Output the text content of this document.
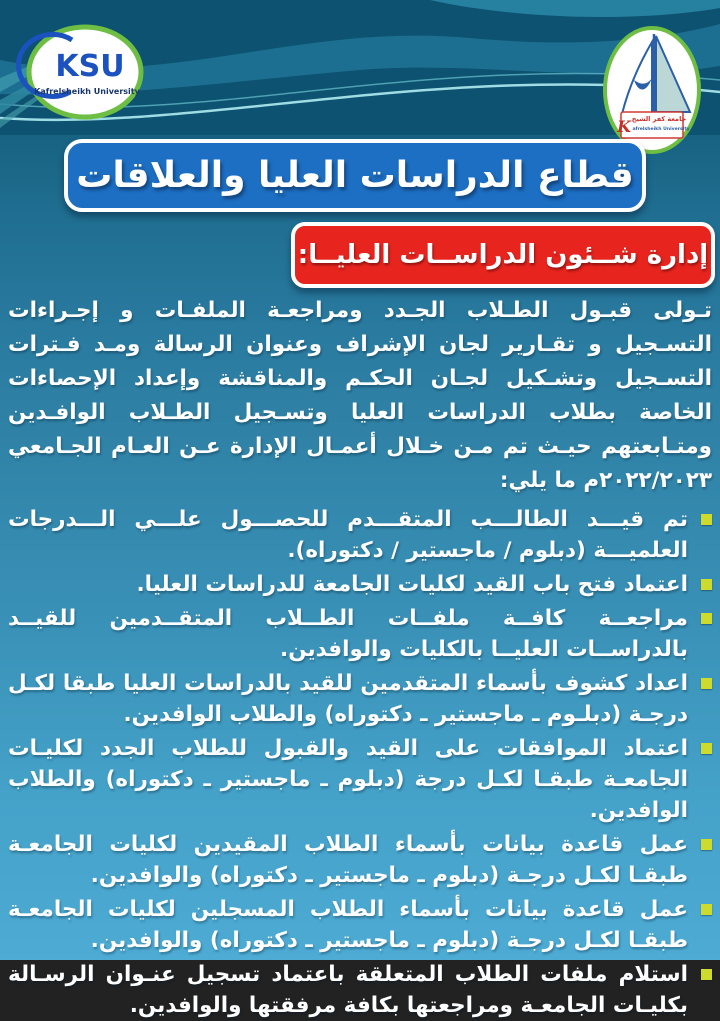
KSU
Kafrelsheikh University
K جامعة كفر الشيخ
afrelsheikh University
قطاع الدراسات العليا والعلاقات
إدارة شــئون الدراســات العليــا:

تـولى قبـول الطـلاب الجـدد ومراجعـة الملفـات و إجـراءات التسـجيل و تقـارير لجان الإشراف وعنوان الرسالة ومـد فـترات التسـجيل وتشـكيل لجـان الحكـم والمناقشة وإعداد الإحصاءات الخاصة بطلاب الدراسات العليا وتسـجيل الطـلاب الوافـدين ومتـابعتهم حيـث تم مـن خـلال أعمـال الإدارة عـن العـام الجـامعي ٢٠٢٢/٢٠٢٣م ما يلي:

تم قيـــد الطالـــب المتقـــدم للحصـــول علـــي الـــدرجات العلميـــة (دبلوم / ماجستير / دكتوراه).
اعتماد فتح باب القيد لكليات الجامعة للدراسات العليا.
مراجعــة كافــة ملفــات الطــلاب المتقــدمين للقيــد بالدراســات العليــا بالكليات والوافدين.
اعداد كشوف بأسماء المتقدمين للقيد بالدراسات العليا طبقا لكـل درجـة (دبلـوم ـ ماجستير ـ دكتوراه) والطلاب الوافدين.
اعتماد الموافقات على القيد والقبول للطلاب الجدد لكليـات الجامعـة طبقـا لكـل درجة (دبلوم ـ ماجستير ـ دكتوراه) والطلاب الوافدين.
عمل قاعدة بيانات بأسماء الطلاب المقيدين لكليات الجامعـة طبقـا لكـل درجـة (دبلوم ـ ماجستير ـ دكتوراه) والوافدين.
عمل قاعدة بيانات بأسماء الطلاب المسجلين لكليات الجامعـة طبقـا لكـل درجـة (دبلوم ـ ماجستير ـ دكتوراه) والوافدين.
استلام ملفات الطلاب المتعلقة باعتماد تسجيل عنـوان الرسـالة بكليـات الجامعـة ومراجعتها بكافة مرفقتها والوافدين.
